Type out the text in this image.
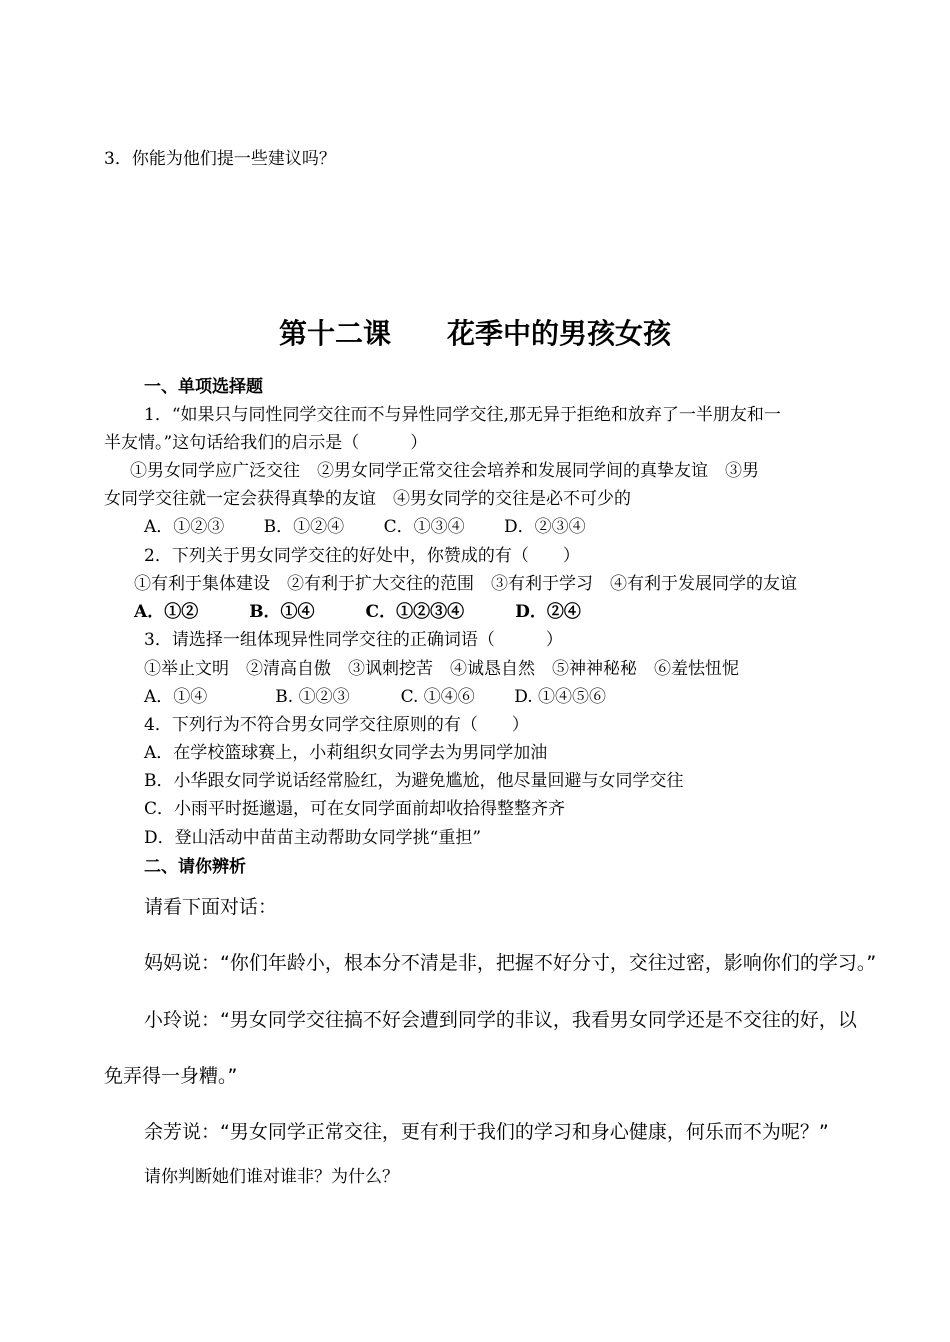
3．你能为他们提一些建议吗？
第十二课　　花季中的男孩女孩
一、单项选择题
1．“如果只与同性同学交往而不与异性同学交往,那无异于拒绝和放弃了一半朋友和一
半友情。”这句话给我们的启示是（　　　）
①男女同学应广泛交往　②男女同学正常交往会培养和发展同学间的真挚友谊　③男
女同学交往就一定会获得真挚的友谊　④男女同学的交往是必不可少的
A．①②③　　 B．①②④　　 C．①③④　　 D．②③④
2．下列关于男女同学交往的好处中，你赞成的有（　　）
①有利于集体建设　②有利于扩大交往的范围　③有利于学习　④有利于发展同学的友谊
A．①②　　　B．①④　　　C．①②③④　　　D．②④
3．请选择一组体现异性同学交往的正确词语（　　　）
①举止文明　②清高自傲　③讽刺挖苦　④诚恳自然　⑤神神秘秘　⑥羞怯忸怩
A．①④　　　　B. ①②③　　　C. ①④⑥　　 D. ①④⑤⑥
4．下列行为不符合男女同学交往原则的有（　　）
A．在学校篮球赛上，小莉组织女同学去为男同学加油
B．小华跟女同学说话经常脸红，为避免尴尬，他尽量回避与女同学交往
C．小雨平时挺邋遢，可在女同学面前却收拾得整整齐齐
D．登山活动中苗苗主动帮助女同学挑“重担”
二、请你辨析
请看下面对话：
妈妈说：“你们年龄小，根本分不清是非，把握不好分寸，交往过密，影响你们的学习。”
小玲说：“男女同学交往搞不好会遭到同学的非议，我看男女同学还是不交往的好，以
免弄得一身糟。”
余芳说：“男女同学正常交往，更有利于我们的学习和身心健康，何乐而不为呢？”
请你判断她们谁对谁非？为什么？
